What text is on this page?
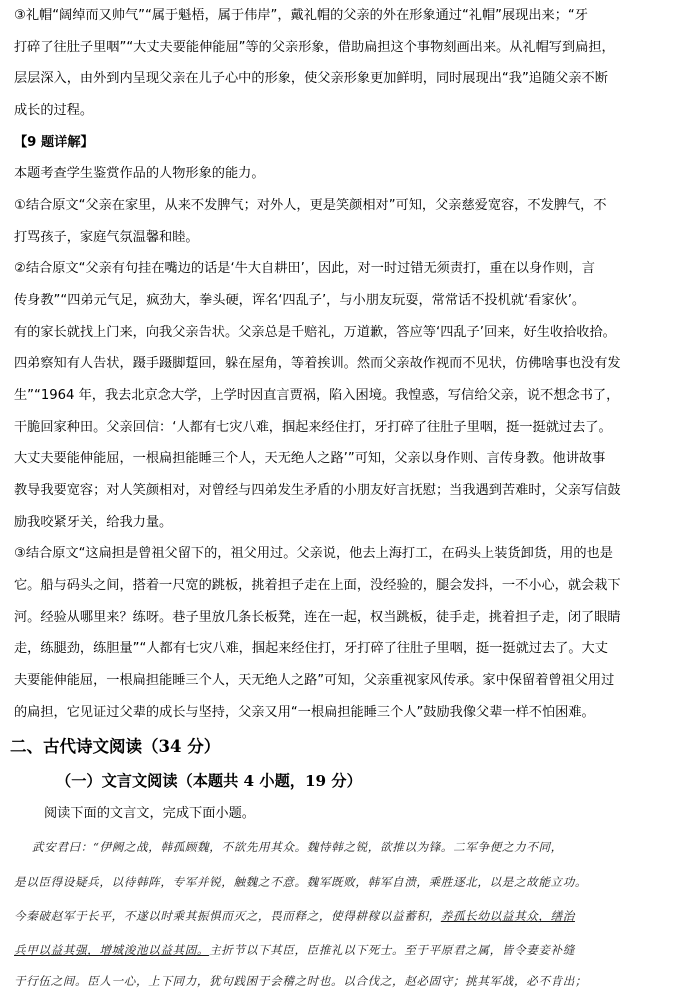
③礼帽“阔绰而又帅气”“属于魁梧，属于伟岸”，戴礼帽的父亲的外在形象通过“礼帽”展现出来；“牙
打碎了往肚子里咽”“大丈夫要能伸能屈”等的父亲形象，借助扁担这个事物刻画出来。从礼帽写到扁担，
层层深入，由外到内呈现父亲在儿子心中的形象，使父亲形象更加鲜明，同时展现出“我”追随父亲不断
成长的过程。
【9 题详解】
本题考查学生鉴赏作品的人物形象的能力。
①结合原文“父亲在家里，从来不发脾气；对外人，更是笑颜相对”可知，父亲慈爱宽容，不发脾气，不
打骂孩子，家庭气氛温馨和睦。
②结合原文“父亲有句挂在嘴边的话是‘牛大自耕田’，因此，对一时过错无须责打，重在以身作则，言
传身教”“四弟元气足，疯劲大，拳头硬，诨名‘四乱子’，与小朋友玩耍，常常话不投机就‘看家伙’。
有的家长就找上门来，向我父亲告状。父亲总是千赔礼，万道歉，答应等‘四乱子’回来，好生收拾收拾。
四弟察知有人告状，蹑手蹑脚踅回，躲在屋角，等着挨训。然而父亲故作视而不见状，仿佛啥事也没有发
生”“1964 年，我去北京念大学，上学时因直言贾祸，陷入困境。我惶惑，写信给父亲，说不想念书了，
干脆回家种田。父亲回信：‘人都有七灾八难，掴起来经住打，牙打碎了往肚子里咽，挺一挺就过去了。
大丈夫要能伸能屈，一根扁担能睡三个人，天无绝人之路’”可知，父亲以身作则、言传身教。他讲故事
教导我要宽容；对人笑颜相对，对曾经与四弟发生矛盾的小朋友好言抚慰；当我遇到苦难时，父亲写信鼓
励我咬紧牙关，给我力量。
③结合原文“这扁担是曾祖父留下的，祖父用过。父亲说，他去上海打工，在码头上装货卸货，用的也是
它。船与码头之间，搭着一尺宽的跳板，挑着担子走在上面，没经验的，腿会发抖，一不小心，就会栽下
河。经验从哪里来？练呀。巷子里放几条长板凳，连在一起，权当跳板，徒手走，挑着担子走，闭了眼睛
走，练腿劲，练胆量”“人都有七灾八难，掴起来经住打，牙打碎了往肚子里咽，挺一挺就过去了。大丈
夫要能伸能屈，一根扁担能睡三个人，天无绝人之路”可知，父亲重视家风传承。家中保留着曾祖父用过
的扁担，它见证过父辈的成长与坚持，父亲又用“一根扁担能睡三个人”鼓励我像父辈一样不怕困难。
二、古代诗文阅读（34 分）
（一）文言文阅读（本题共 4 小题，19 分）
阅读下面的文言文，完成下面小题。
武安君曰：“伊阙之战，韩孤顾魏，不欲先用其众。魏恃韩之锐，欲推以为锋。二军争便之力不同，
是以臣得设疑兵，以待韩阵，专军并锐，触魏之不意。魏军既败，韩军自溃，乘胜逐北，以是之故能立功。
今秦破赵军于长平，不遂以时乘其振惧而灭之，畏而释之，使得耕稼以益蓄积，养孤长幼以益其众，缮治
兵甲以益其强，增城浚池以益其固。主折节以下其臣，臣推礼以下死士。至于平原君之属，皆令妻妾补缝
于行伍之间。臣人一心，上下同力，犹句践困于会稽之时也。以合伐之，赵必固守；挑其军战，必不肯出；
